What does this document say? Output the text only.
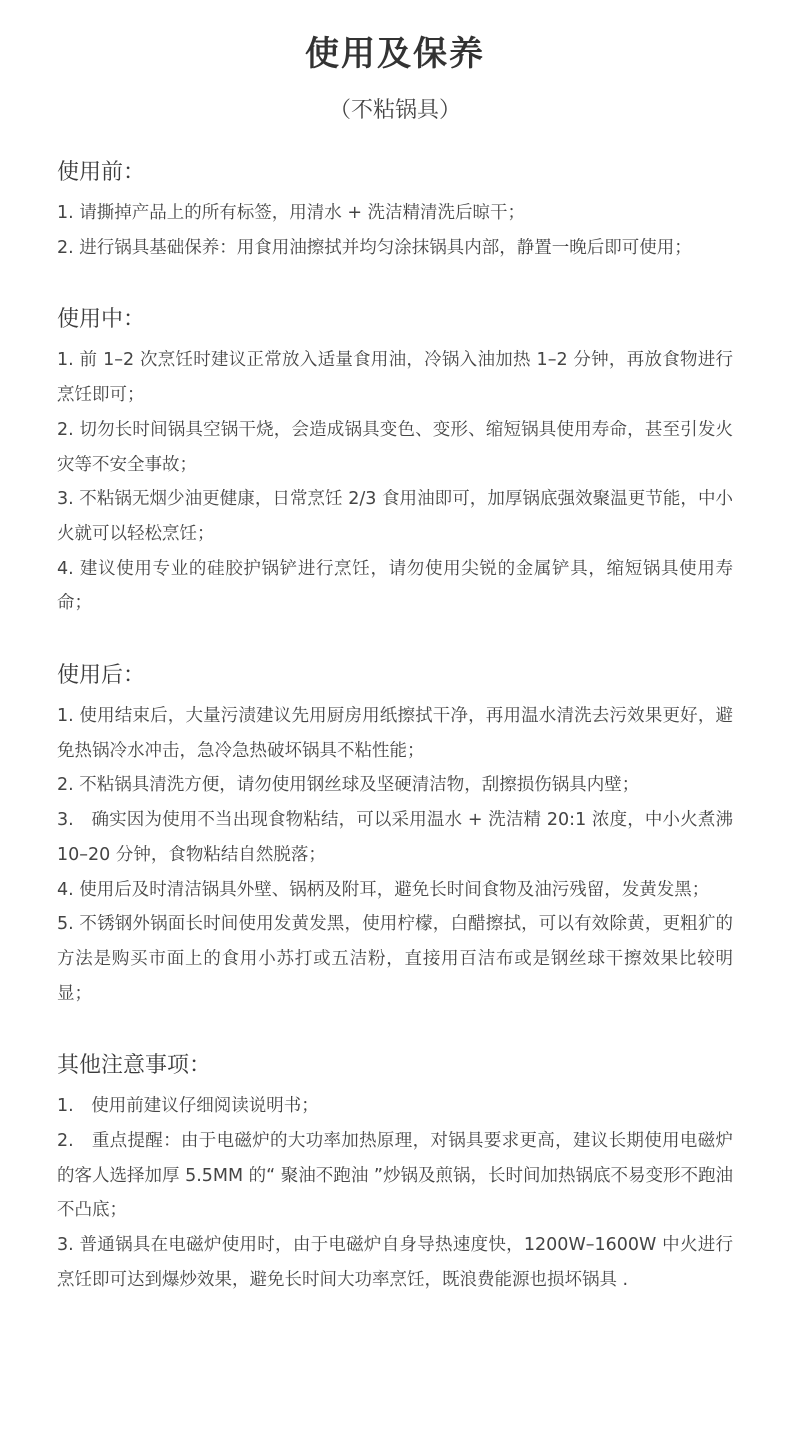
使用及保养
（不粘锅具）
使用前：
1. 请撕掉产品上的所有标签，用清水 + 洗洁精清洗后晾干；
2. 进行锅具基础保养：用食用油擦拭并均匀涂抹锅具内部，静置一晚后即可使用；
使用中：
1. 前 1–2 次烹饪时建议正常放入适量食用油，冷锅入油加热 1–2 分钟，再放食物进行烹饪即可；
2. 切勿长时间锅具空锅干烧，会造成锅具变色、变形、缩短锅具使用寿命，甚至引发火灾等不安全事故；
3. 不粘锅无烟少油更健康，日常烹饪 2/3 食用油即可，加厚锅底强效聚温更节能，中小火就可以轻松烹饪；
4. 建议使用专业的硅胶护锅铲进行烹饪，请勿使用尖锐的金属铲具，缩短锅具使用寿命；
使用后：
1. 使用结束后，大量污渍建议先用厨房用纸擦拭干净，再用温水清洗去污效果更好，避免热锅冷水冲击，急冷急热破坏锅具不粘性能；
2. 不粘锅具清洗方便，请勿使用钢丝球及坚硬清洁物，刮擦损伤锅具内壁；
3.　确实因为使用不当出现食物粘结，可以采用温水 + 洗洁精 20:1 浓度，中小火煮沸 10–20 分钟，食物粘结自然脱落；
4. 使用后及时清洁锅具外壁、锅柄及附耳，避免长时间食物及油污残留，发黄发黑；
5. 不锈钢外锅面长时间使用发黄发黑，使用柠檬，白醋擦拭，可以有效除黄，更粗犷的方法是购买市面上的食用小苏打或五洁粉，直接用百洁布或是钢丝球干擦效果比较明显；
其他注意事项：
1.　使用前建议仔细阅读说明书；
2.　重点提醒：由于电磁炉的大功率加热原理，对锅具要求更高，建议长期使用电磁炉的客人选择加厚 5.5MM 的“ 聚油不跑油 ”炒锅及煎锅，长时间加热锅底不易变形不跑油不凸底；
3. 普通锅具在电磁炉使用时，由于电磁炉自身导热速度快，1200W–1600W 中火进行烹饪即可达到爆炒效果，避免长时间大功率烹饪，既浪费能源也损坏锅具 .
